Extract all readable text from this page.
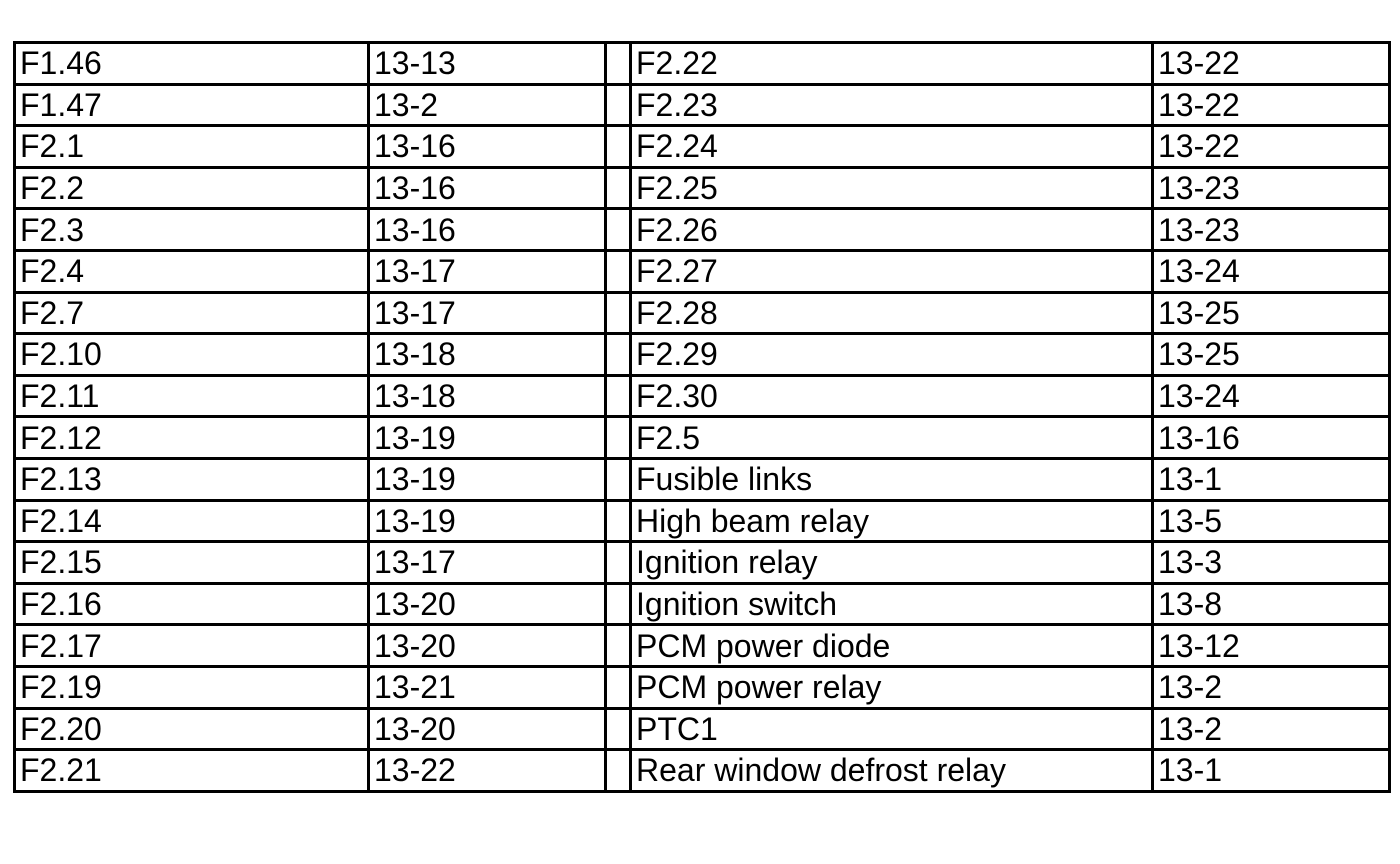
F1.46	13-13		F2.22	13-22
F1.47	13-2		F2.23	13-22
F2.1	13-16		F2.24	13-22
F2.2	13-16		F2.25	13-23
F2.3	13-16		F2.26	13-23
F2.4	13-17		F2.27	13-24
F2.7	13-17		F2.28	13-25
F2.10	13-18		F2.29	13-25
F2.11	13-18		F2.30	13-24
F2.12	13-19		F2.5	13-16
F2.13	13-19		Fusible links	13-1
F2.14	13-19		High beam relay	13-5
F2.15	13-17		Ignition relay	13-3
F2.16	13-20		Ignition switch	13-8
F2.17	13-20		PCM power diode	13-12
F2.19	13-21		PCM power relay	13-2
F2.20	13-20		PTC1	13-2
F2.21	13-22		Rear window defrost relay	13-1
